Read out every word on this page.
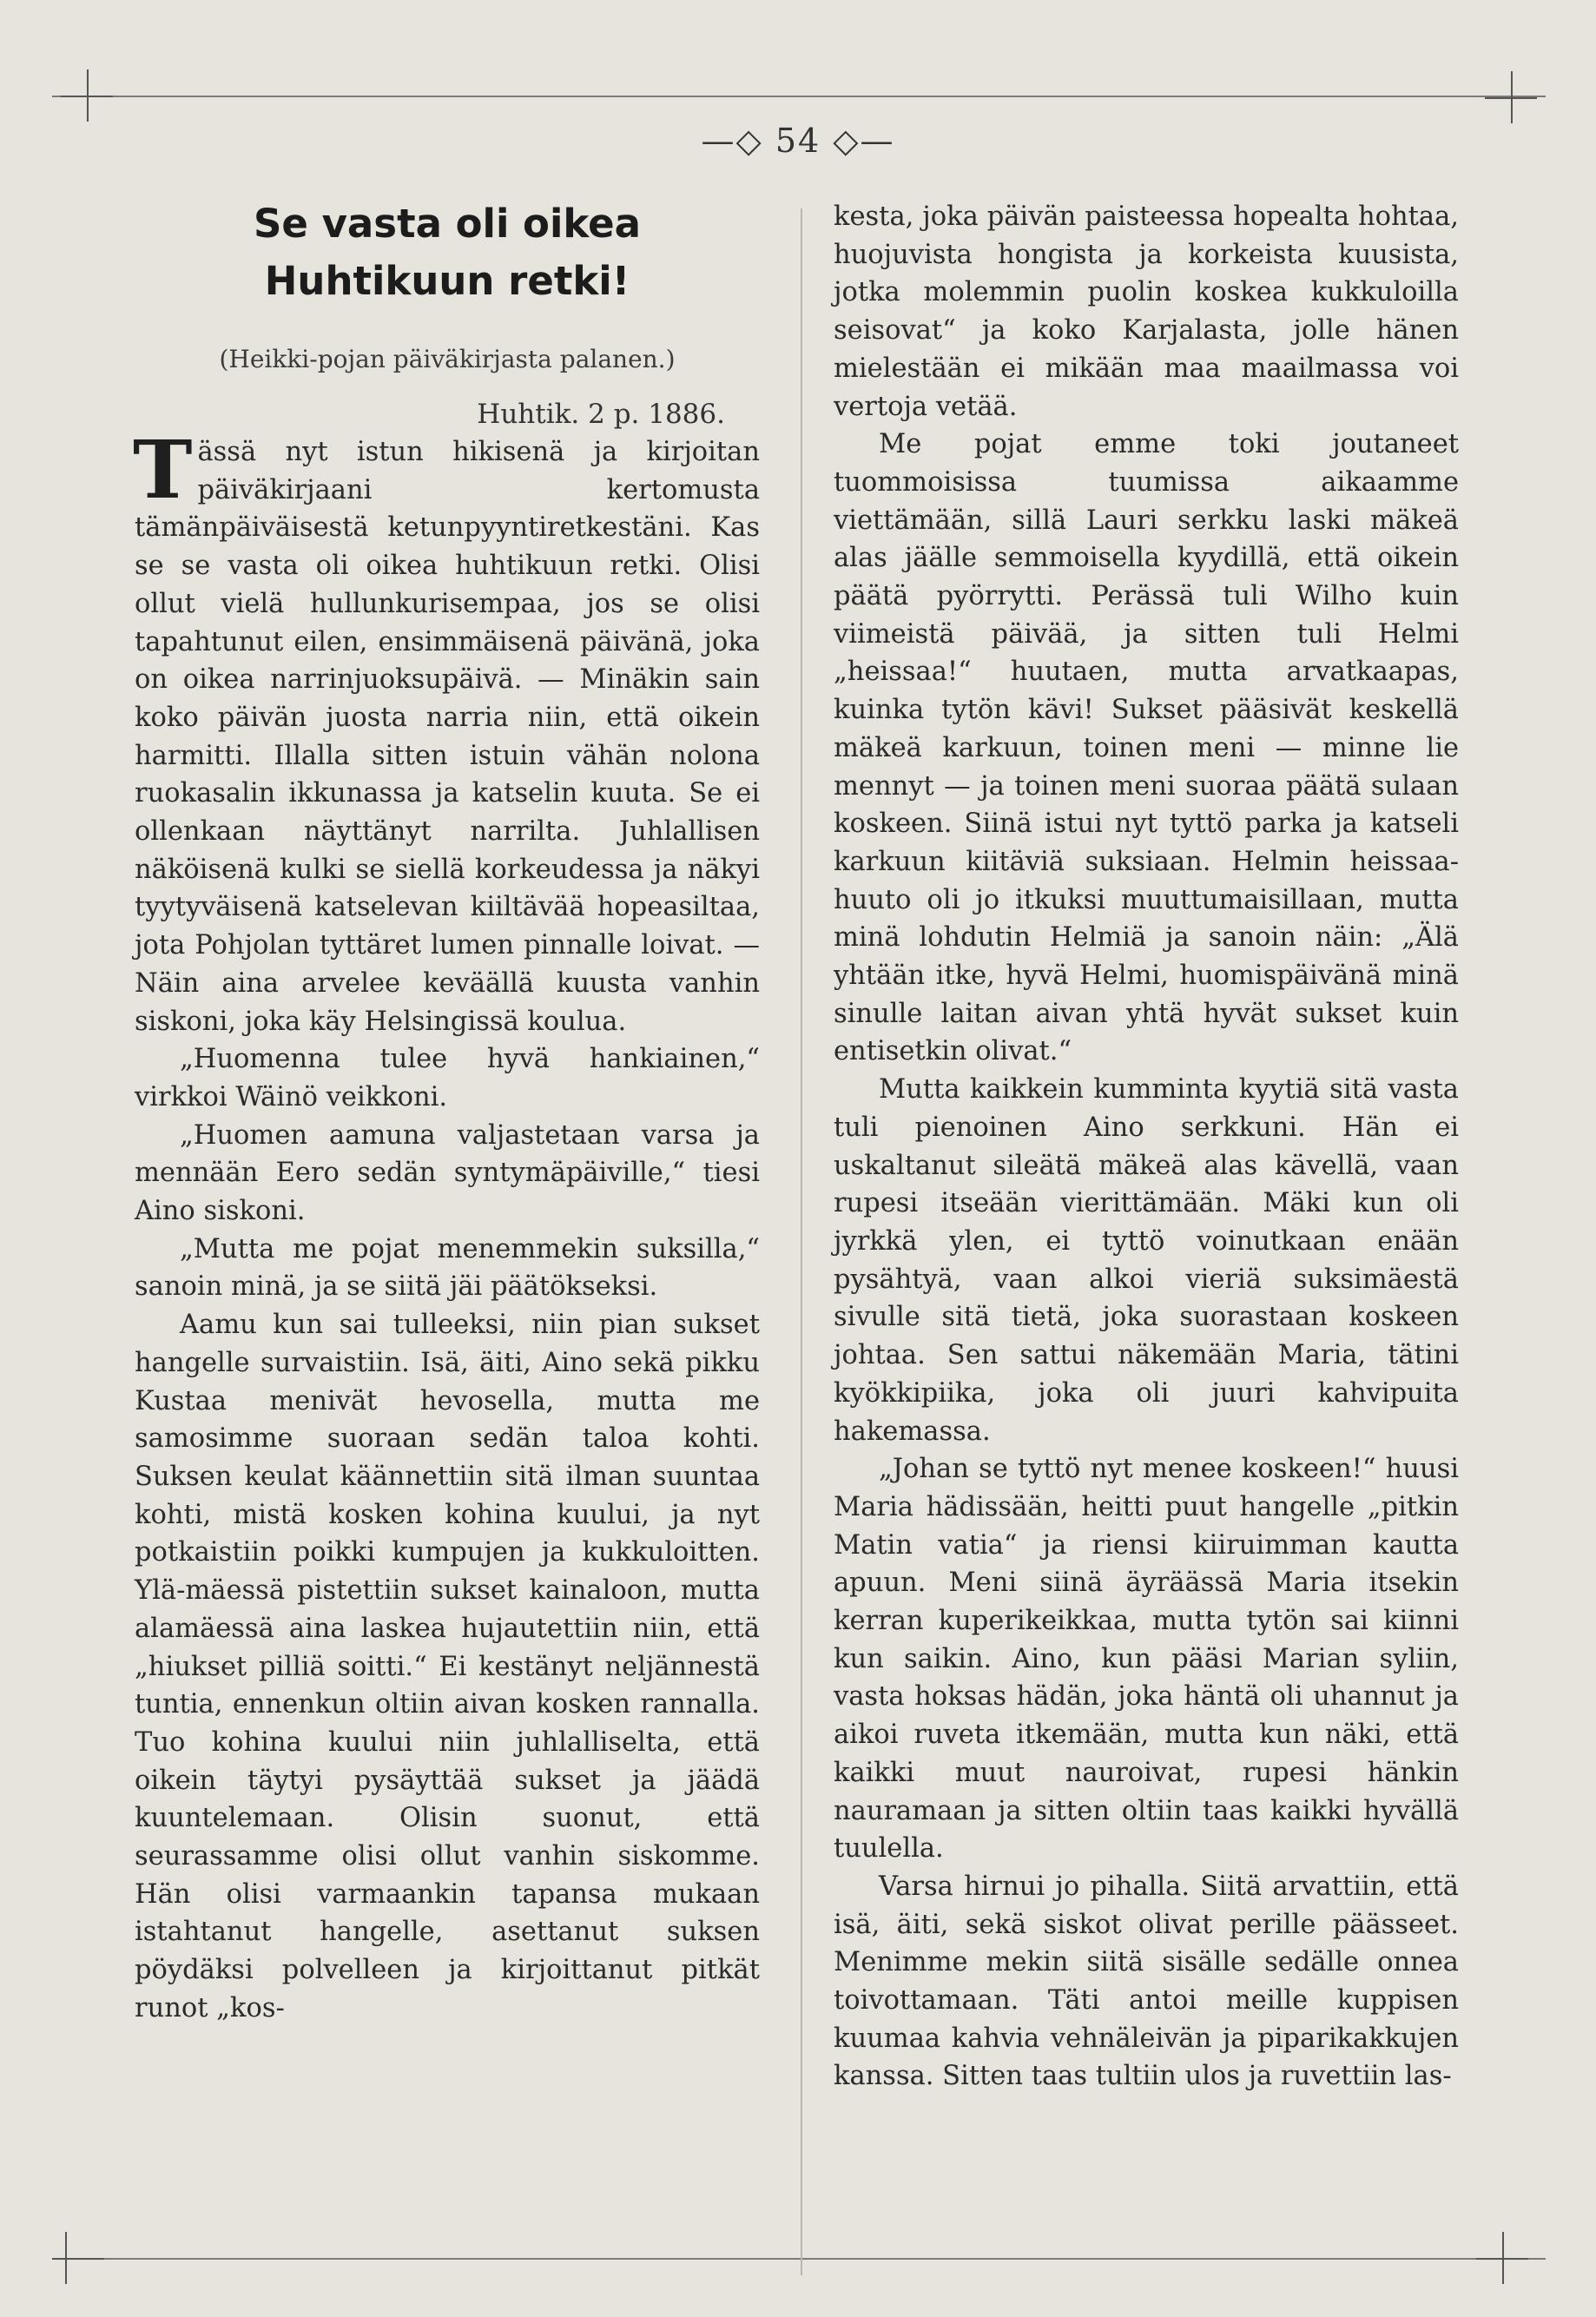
—◇ 54 ◇—
Se vasta oli oikea Huhtikuun retki!
(Heikki-pojan päiväkirjasta palanen.)
Huhtik. 2 p. 1886.

T ässä nyt istun hikisenä ja kirjoitan päiväkirjaani kertomusta tämänpäiväisestä ketunpyyntiretkestäni. Kas se se vasta oli oikea huhtikuun retki. Olisi ollut vielä hullunkurisempaa, jos se olisi tapahtunut eilen, ensimmäisenä päivänä, joka on oikea narrinjuoksupäivä. — Minäkin sain koko päivän juosta narria niin, että oikein harmitti. Illalla sitten istuin vähän nolona ruokasalin ikkunassa ja katselin kuuta. Se ei ollenkaan näyttänyt narrilta. Juhlallisen näköisenä kulki se siellä korkeudessa ja näkyi tyytyväisenä katselevan kiiltävää hopeasiltaa, jota Pohjolan tyttäret lumen pinnalle loivat. — Näin aina arvelee keväällä kuusta vanhin siskoni, joka käy Helsingissä koulua.

„Huomenna tulee hyvä hankiainen,“ virkkoi Wäinö veikkoni.

„Huomen aamuna valjastetaan varsa ja mennään Eero sedän syntymäpäiville,“ tiesi Aino siskoni.

„Mutta me pojat menemmekin suksilla,“ sanoin minä, ja se siitä jäi päätökseksi.

Aamu kun sai tulleeksi, niin pian sukset hangelle survaistiin. Isä, äiti, Aino sekä pikku Kustaa menivät hevosella, mutta me samosimme suoraan sedän taloa kohti. Suksen keulat käännettiin sitä ilman suuntaa kohti, mistä kosken kohina kuului, ja nyt potkaistiin poikki kumpujen ja kukkuloitten. Ylä-mäessä pistettiin sukset kainaloon, mutta alamäessä aina laskea hujautettiin niin, että „hiukset pilliä soitti.“ Ei kestänyt neljännestä tuntia, ennenkun oltiin aivan kosken rannalla. Tuo kohina kuului niin juhlalliselta, että oikein täytyi pysäyttää sukset ja jäädä kuuntelemaan. Olisin suonut, että seurassamme olisi ollut vanhin siskomme. Hän olisi varmaankin tapansa mukaan istahtanut hangelle, asettanut suksen pöydäksi polvelleen ja kirjoittanut pitkät runot „kos-

kesta, joka päivän paisteessa hopealta hohtaa, huojuvista hongista ja korkeista kuusista, jotka molemmin puolin koskea kukkuloilla seisovat“ ja koko Karjalasta, jolle hänen mielestään ei mikään maa maailmassa voi vertoja vetää.

Me pojat emme toki joutaneet tuommoisissa tuumissa aikaamme viettämään, sillä Lauri serkku laski mäkeä alas jäälle semmoisella kyydillä, että oikein päätä pyörrytti. Perässä tuli Wilho kuin viimeistä päivää, ja sitten tuli Helmi „heissaa!“ huutaen, mutta arvatkaapas, kuinka tytön kävi! Sukset pääsivät keskellä mäkeä karkuun, toinen meni — minne lie mennyt — ja toinen meni suoraa päätä sulaan koskeen. Siinä istui nyt tyttö parka ja katseli karkuun kiitäviä suksiaan. Helmin heissaa-huuto oli jo itkuksi muuttumaisillaan, mutta minä lohdutin Helmiä ja sanoin näin: „Älä yhtään itke, hyvä Helmi, huomispäivänä minä sinulle laitan aivan yhtä hyvät sukset kuin entisetkin olivat.“

Mutta kaikkein kumminta kyytiä sitä vasta tuli pienoinen Aino serkkuni. Hän ei uskaltanut sileätä mäkeä alas kävellä, vaan rupesi itseään vierittämään. Mäki kun oli jyrkkä ylen, ei tyttö voinutkaan enään pysähtyä, vaan alkoi vieriä suksimäestä sivulle sitä tietä, joka suorastaan koskeen johtaa. Sen sattui näkemään Maria, tätini kyökkipiika, joka oli juuri kahvipuita hakemassa.

„Johan se tyttö nyt menee koskeen!“ huusi Maria hädissään, heitti puut hangelle „pitkin Matin vatia“ ja riensi kiiruimman kautta apuun. Meni siinä äyräässä Maria itsekin kerran kuperikeikkaa, mutta tytön sai kiinni kun saikin. Aino, kun pääsi Marian syliin, vasta hoksas hädän, joka häntä oli uhannut ja aikoi ruveta itkemään, mutta kun näki, että kaikki muut nauroivat, rupesi hänkin nauramaan ja sitten oltiin taas kaikki hyvällä tuulella.

Varsa hirnui jo pihalla. Siitä arvattiin, että isä, äiti, sekä siskot olivat perille päässeet. Menimme mekin siitä sisälle sedälle onnea toivottamaan. Täti antoi meille kuppisen kuumaa kahvia vehnäleivän ja piparikakkujen kanssa. Sitten taas tultiin ulos ja ruvettiin las-
